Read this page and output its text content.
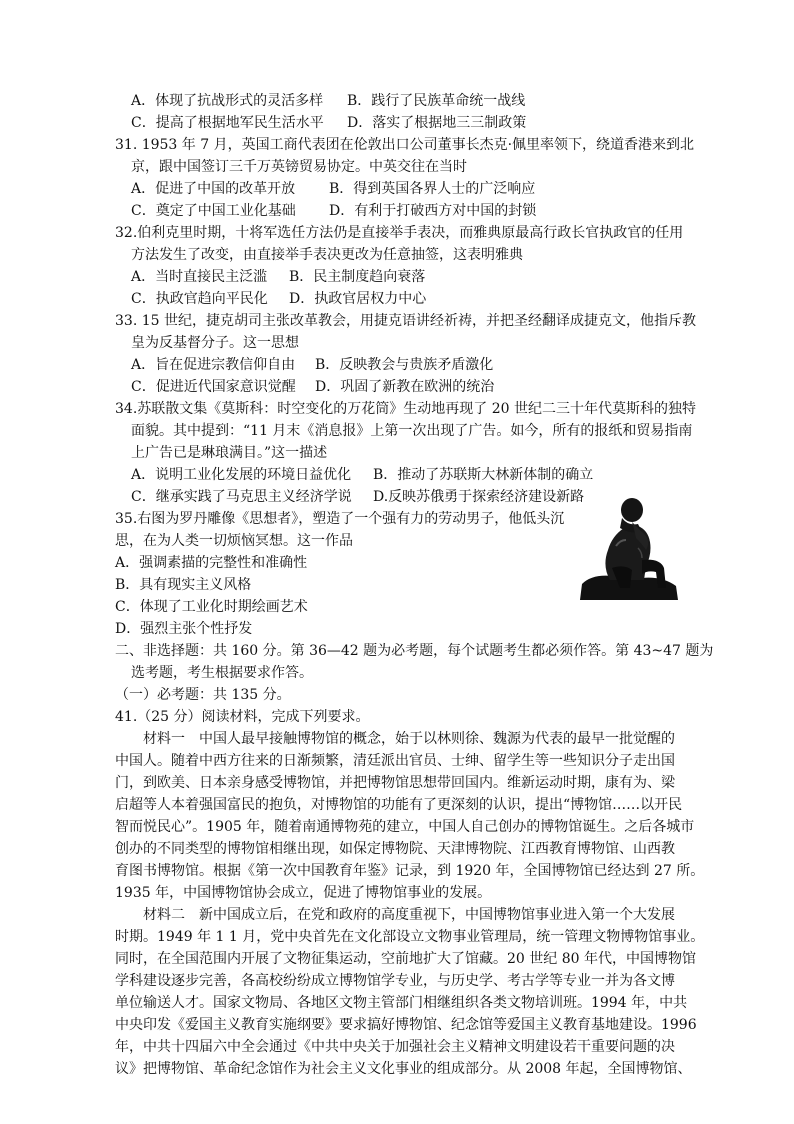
A．体现了抗战形式的灵活多样 B．践行了民族革命统一战线
C．提高了根据地军民生活水平 D．落实了根据地三三制政策
31. 1953 年 7 月，英国工商代表团在伦敦出口公司董事长杰克·佩里率领下，绕道香港来到北
京，跟中国签订三千万英镑贸易协定。中英交往在当时
A．促进了中国的改革开放 B．得到英国各界人士的广泛响应
C．奠定了中国工业化基础 D．有利于打破西方对中国的封锁
32.伯利克里时期，十将军选任方法仍是直接举手表决，而雅典原最高行政长官执政官的任用
方法发生了改变，由直接举手表决更改为任意抽签，这表明雅典
A．当时直接民主泛滥 B．民主制度趋向衰落
C．执政官趋向平民化 D．执政官居权力中心
33. 15 世纪，捷克胡司主张改革教会，用捷克语讲经祈祷，并把圣经翻译成捷克文，他指斥教
皇为反基督分子。这一思想
A．旨在促进宗教信仰自由 B．反映教会与贵族矛盾激化
C．促进近代国家意识觉醒 D．巩固了新教在欧洲的统治
34.苏联散文集《莫斯科：时空变化的万花筒》生动地再现了 20 世纪二三十年代莫斯科的独特
面貌。其中提到：“11 月末《消息报》上第一次出现了广告。如今，所有的报纸和贸易指南
上广告已是琳琅满目。”这一描述
A．说明工业化发展的环境日益优化 B．推动了苏联斯大林新体制的确立
C．继承实践了马克思主义经济学说 D.反映苏俄勇于探索经济建设新路
35.右图为罗丹雕像《思想者》，塑造了一个强有力的劳动男子，他低头沉
思，在为人类一切烦恼冥想。这一作品
A．强调素描的完整性和准确性
B．具有现实主义风格
C．体现了工业化时期绘画艺术
D．强烈主张个性抒发
二、非选择题：共 160 分。第 36—42 题为必考题，每个试题考生都必须作答。第 43~47 题为
选考题，考生根据要求作答。
（一）必考题：共 135 分。
41.（25 分）阅读材料，完成下列要求。
材料一　中国人最早接触博物馆的概念，始于以林则徐、魏源为代表的最早一批觉醒的
中国人。随着中西方往来的日渐频繁，清廷派出官员、士绅、留学生等一些知识分子走出国
门，到欧美、日本亲身感受博物馆，并把博物馆思想带回国内。维新运动时期，康有为、梁
启超等人本着强国富民的抱负，对博物馆的功能有了更深刻的认识，提出“博物馆……以开民
智而悦民心”。1905 年，随着南通博物苑的建立，中国人自己创办的博物馆诞生。之后各城市
创办的不同类型的博物馆相继出现，如保定博物院、天津博物院、江西教育博物馆、山西教
育图书博物馆。根据《第一次中国教育年鉴》记录，到 1920 年，全国博物馆已经达到 27 所。
1935 年，中国博物馆协会成立，促进了博物馆事业的发展。
材料二　新中国成立后，在党和政府的高度重视下，中国博物馆事业进入第一个大发展
时期。1949 年 1 1 月，党中央首先在文化部设立文物事业管理局，统一管理文物博物馆事业。
同时，在全国范围内开展了文物征集运动，空前地扩大了馆藏。20 世纪 80 年代，中国博物馆
学科建设逐步完善，各高校纷纷成立博物馆学专业，与历史学、考古学等专业一并为各文博
单位输送人才。国家文物局、各地区文物主管部门相继组织各类文物培训班。1994 年，中共
中央印发《爱国主义教育实施纲要》要求搞好博物馆、纪念馆等爱国主义教育基地建设。1996
年，中共十四届六中全会通过《中共中央关于加强社会主义精神文明建设若干重要问题的决
议》把博物馆、革命纪念馆作为社会主义文化事业的组成部分。从 2008 年起，全国博物馆、
